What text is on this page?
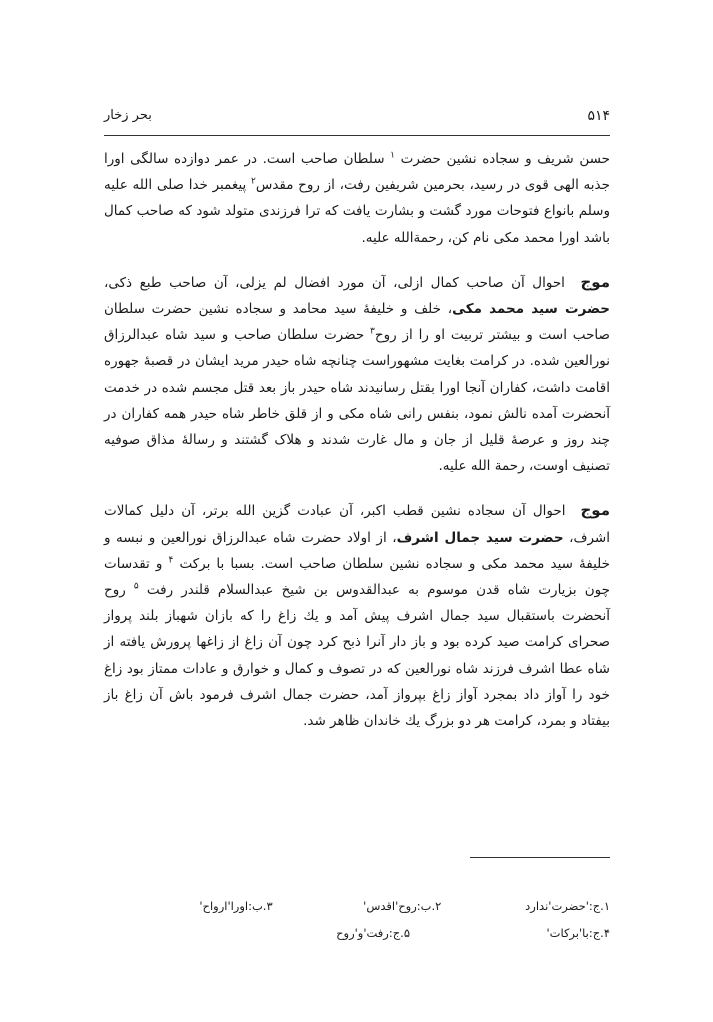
۵۱۴
بحر زخار

حسن شریف و سجاده نشین حضرت $^۱$ سلطان صاحب است. در عمر دوازده سالگی اورا جذبه الهی قوی در رسید، بحرمین شریفین رفت، از روح مقدس$^۲$ پیغمبر خدا صلی الله علیه وسلم بانواع فتوحات مورد گشت و بشارت یافت که ترا فرزندی متولد شود که صاحب کمال باشد اورا محمد مکی نام کن، رحمةالله علیه.

موج احوال آن صاحب کمال ازلی، آن مورد افضال لم یزلی، آن صاحب طبع ذکی، حضرت سید محمد مکی، خلف و خلیفهٔ سید محامد و سجاده نشین حضرت سلطان صاحب است و بیشتر تربیت او را از روح$^۳$ حضرت سلطان صاحب و سید شاه عبدالرزاق نورالعین شده. در کرامت بغایت مشهوراست چنانچه شاه حیدر مرید ایشان در قصبهٔ جهوره اقامت داشت، کفاران آنجا اورا بقتل رسانیدند شاه حیدر باز بعد قتل مجسم شده در خدمت آنحضرت آمده نالش نمود، بنفس رانی شاه مکی و از قلق خاطر شاه حیدر همه کفاران در چند روز و عرصهٔ قلیل از جان و مال غارت شدند و هلاک گشتند و رسالهٔ مذاق صوفیه تصنیف اوست، رحمة الله علیه.

موج احوال آن سجاده نشین قطب اکبر، آن عبادت گزین الله برتر، آن دلیل کمالات اشرف، حضرت سید جمال اشرف، از اولاد حضرت شاه عبدالرزاق نورالعین و نبسه و خلیفهٔ سید محمد مکی و سجاده نشین سلطان صاحب است. بسبا با برکت $^۴$ و تقدسات چون بزیارت شاه قدن موسوم به عبدالقدوس بن شیخ عبدالسلام قلندر رفت $^۵$ روح آنحضرت باستقبال سید جمال اشرف پیش آمد و یك زاغ را که بازان شهباز بلند پرواز صحرای کرامت صید کرده بود و باز دار آنرا ذبح کرد چون آن زاغ از زاغها پرورش یافته از شاه عطا اشرف فرزند شاه نورالعین که در تصوف و کمال و خوارق و عادات ممتاز بود زاغ خود را آواز داد بمجرد آواز زاغ بپرواز آمد، حضرت جمال اشرف فرمود باش آن زاغ باز بیفتاد و بمرد، کرامت هر دو بزرگ یك خاندان ظاهر شد.

۱.ج:'حضرت'ندارد
۲.ب:روح'اقدس'
۳.ب:اورا'ارواح'
۴.ج:با'برکات'
۵.ج:رفت'و'روح
